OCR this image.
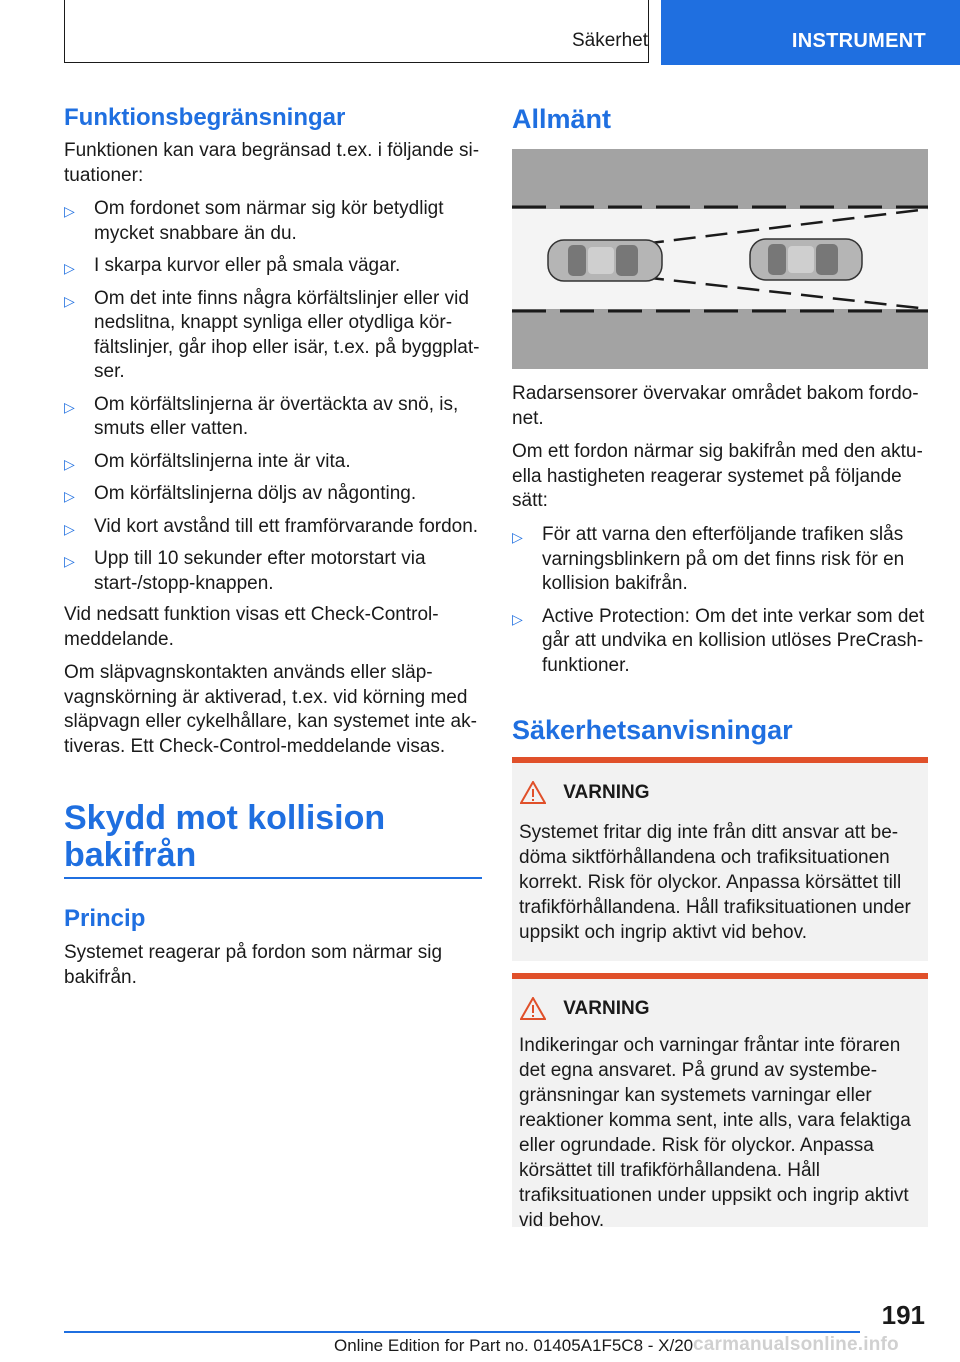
Säkerhet	INSTRUMENT
Funktionsbegränsningar

Funktionen kan vara begränsad t.ex. i följande situationer:

▷ Om fordonet som närmar sig kör betydligt mycket snabbare än du.
▷ I skarpa kurvor eller på smala vägar.
▷ Om det inte finns några körfältslinjer eller vid nedslitna, knappt synliga eller otydliga körfältslinjer, går ihop eller isär, t.ex. på byggplatser.
▷ Om körfältslinjerna är övertäckta av snö, is, smuts eller vatten.
▷ Om körfältslinjerna inte är vita.
▷ Om körfältslinjerna döljs av någonting.
▷ Vid kort avstånd till ett framförvarande fordon.
▷ Upp till 10 sekunder efter motorstart via start-/stopp-knappen.

Vid nedsatt funktion visas ett Check-Control-meddelande.

Om släpvagnskontakten används eller släpvagnskörning är aktiverad, t.ex. vid körning med släpvagn eller cykelhållare, kan systemet inte aktiveras. Ett Check-Control-meddelande visas.

Skydd mot kollision
bakifrån
Princip

Systemet reagerar på fordon som närmar sig bakifrån.

Allmänt

Radarsensorer övervakar området bakom fordonet.

Om ett fordon närmar sig bakifrån med den aktuella hastigheten reagerar systemet på följande sätt:

▷ För att varna den efterföljande trafiken slås varningsblinkern på om det finns risk för en kollision bakifrån.
▷ Active Protection: Om det inte verkar som det går att undvika en kollision utlöses PreCrash-funktioner.
Säkerhetsanvisningar
VARNING
Systemet fritar dig inte från ditt ansvar att bedöma siktförhållandena och trafiksituationen korrekt. Risk för olyckor. Anpassa körsättet till trafikförhållandena. Håll trafiksituationen under uppsikt och ingrip aktivt vid behov.
VARNING
Indikeringar och varningar fråntar inte föraren det egna ansvaret. På grund av systembegränsningar kan systemets varningar eller reaktioner komma sent, inte alls, vara felaktiga eller ogrundade. Risk för olyckor. Anpassa körsättet till trafikförhållandena. Håll trafiksituationen under uppsikt och ingrip aktivt vid behov.
191
Online Edition for Part no. 01405A1F5C8 - X/20 carmanualsonline.info
